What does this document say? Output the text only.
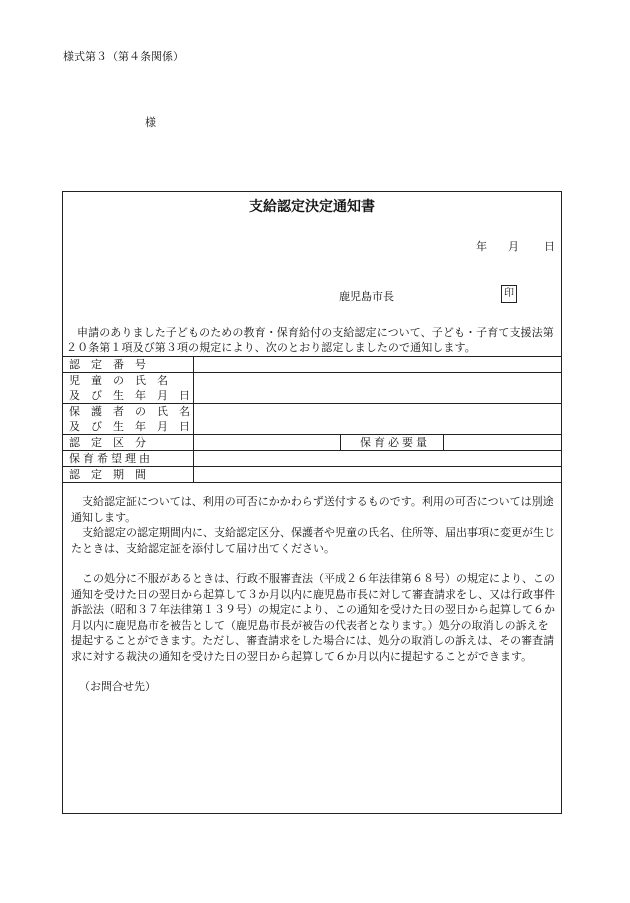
様式第３（第４条関係）
様
支給認定決定通知書
年 月 日
鹿児島市長	印

申請のありました子どものための教育・保育給付の支給認定について、子ども・子育て支援法第２０条第１項及び第３項の規定により、次のとおり認定しましたので通知します。

認　定　番　号			

児　童　の　氏　名
及　び　生　年　月　日			

保　護　者　の　氏　名
及　び　生　年　月　日			

認　定　区　分		保育必要量	
保育希望理由			
認　定　期　間			

支給認定証については、利用の可否にかかわらず送付するものです。利用の可否については別途通知します。

支給認定の認定期間内に、支給認定区分、保護者や児童の氏名、住所等、届出事項に変更が生じたときは、支給認定証を添付して届け出てください。

この処分に不服があるときは、行政不服審査法（平成２６年法律第６８号）の規定により、この通知を受けた日の翌日から起算して３か月以内に鹿児島市長に対して審査請求をし、又は行政事件訴訟法（昭和３７年法律第１３９号）の規定により、この通知を受けた日の翌日から起算して６か月以内に鹿児島市を被告として（鹿児島市長が被告の代表者となります。）処分の取消しの訴えを提起することができます。ただし、審査請求をした場合には、処分の取消しの訴えは、その審査請求に対する裁決の通知を受けた日の翌日から起算して６か月以内に提起することができます。

（お問合せ先）
